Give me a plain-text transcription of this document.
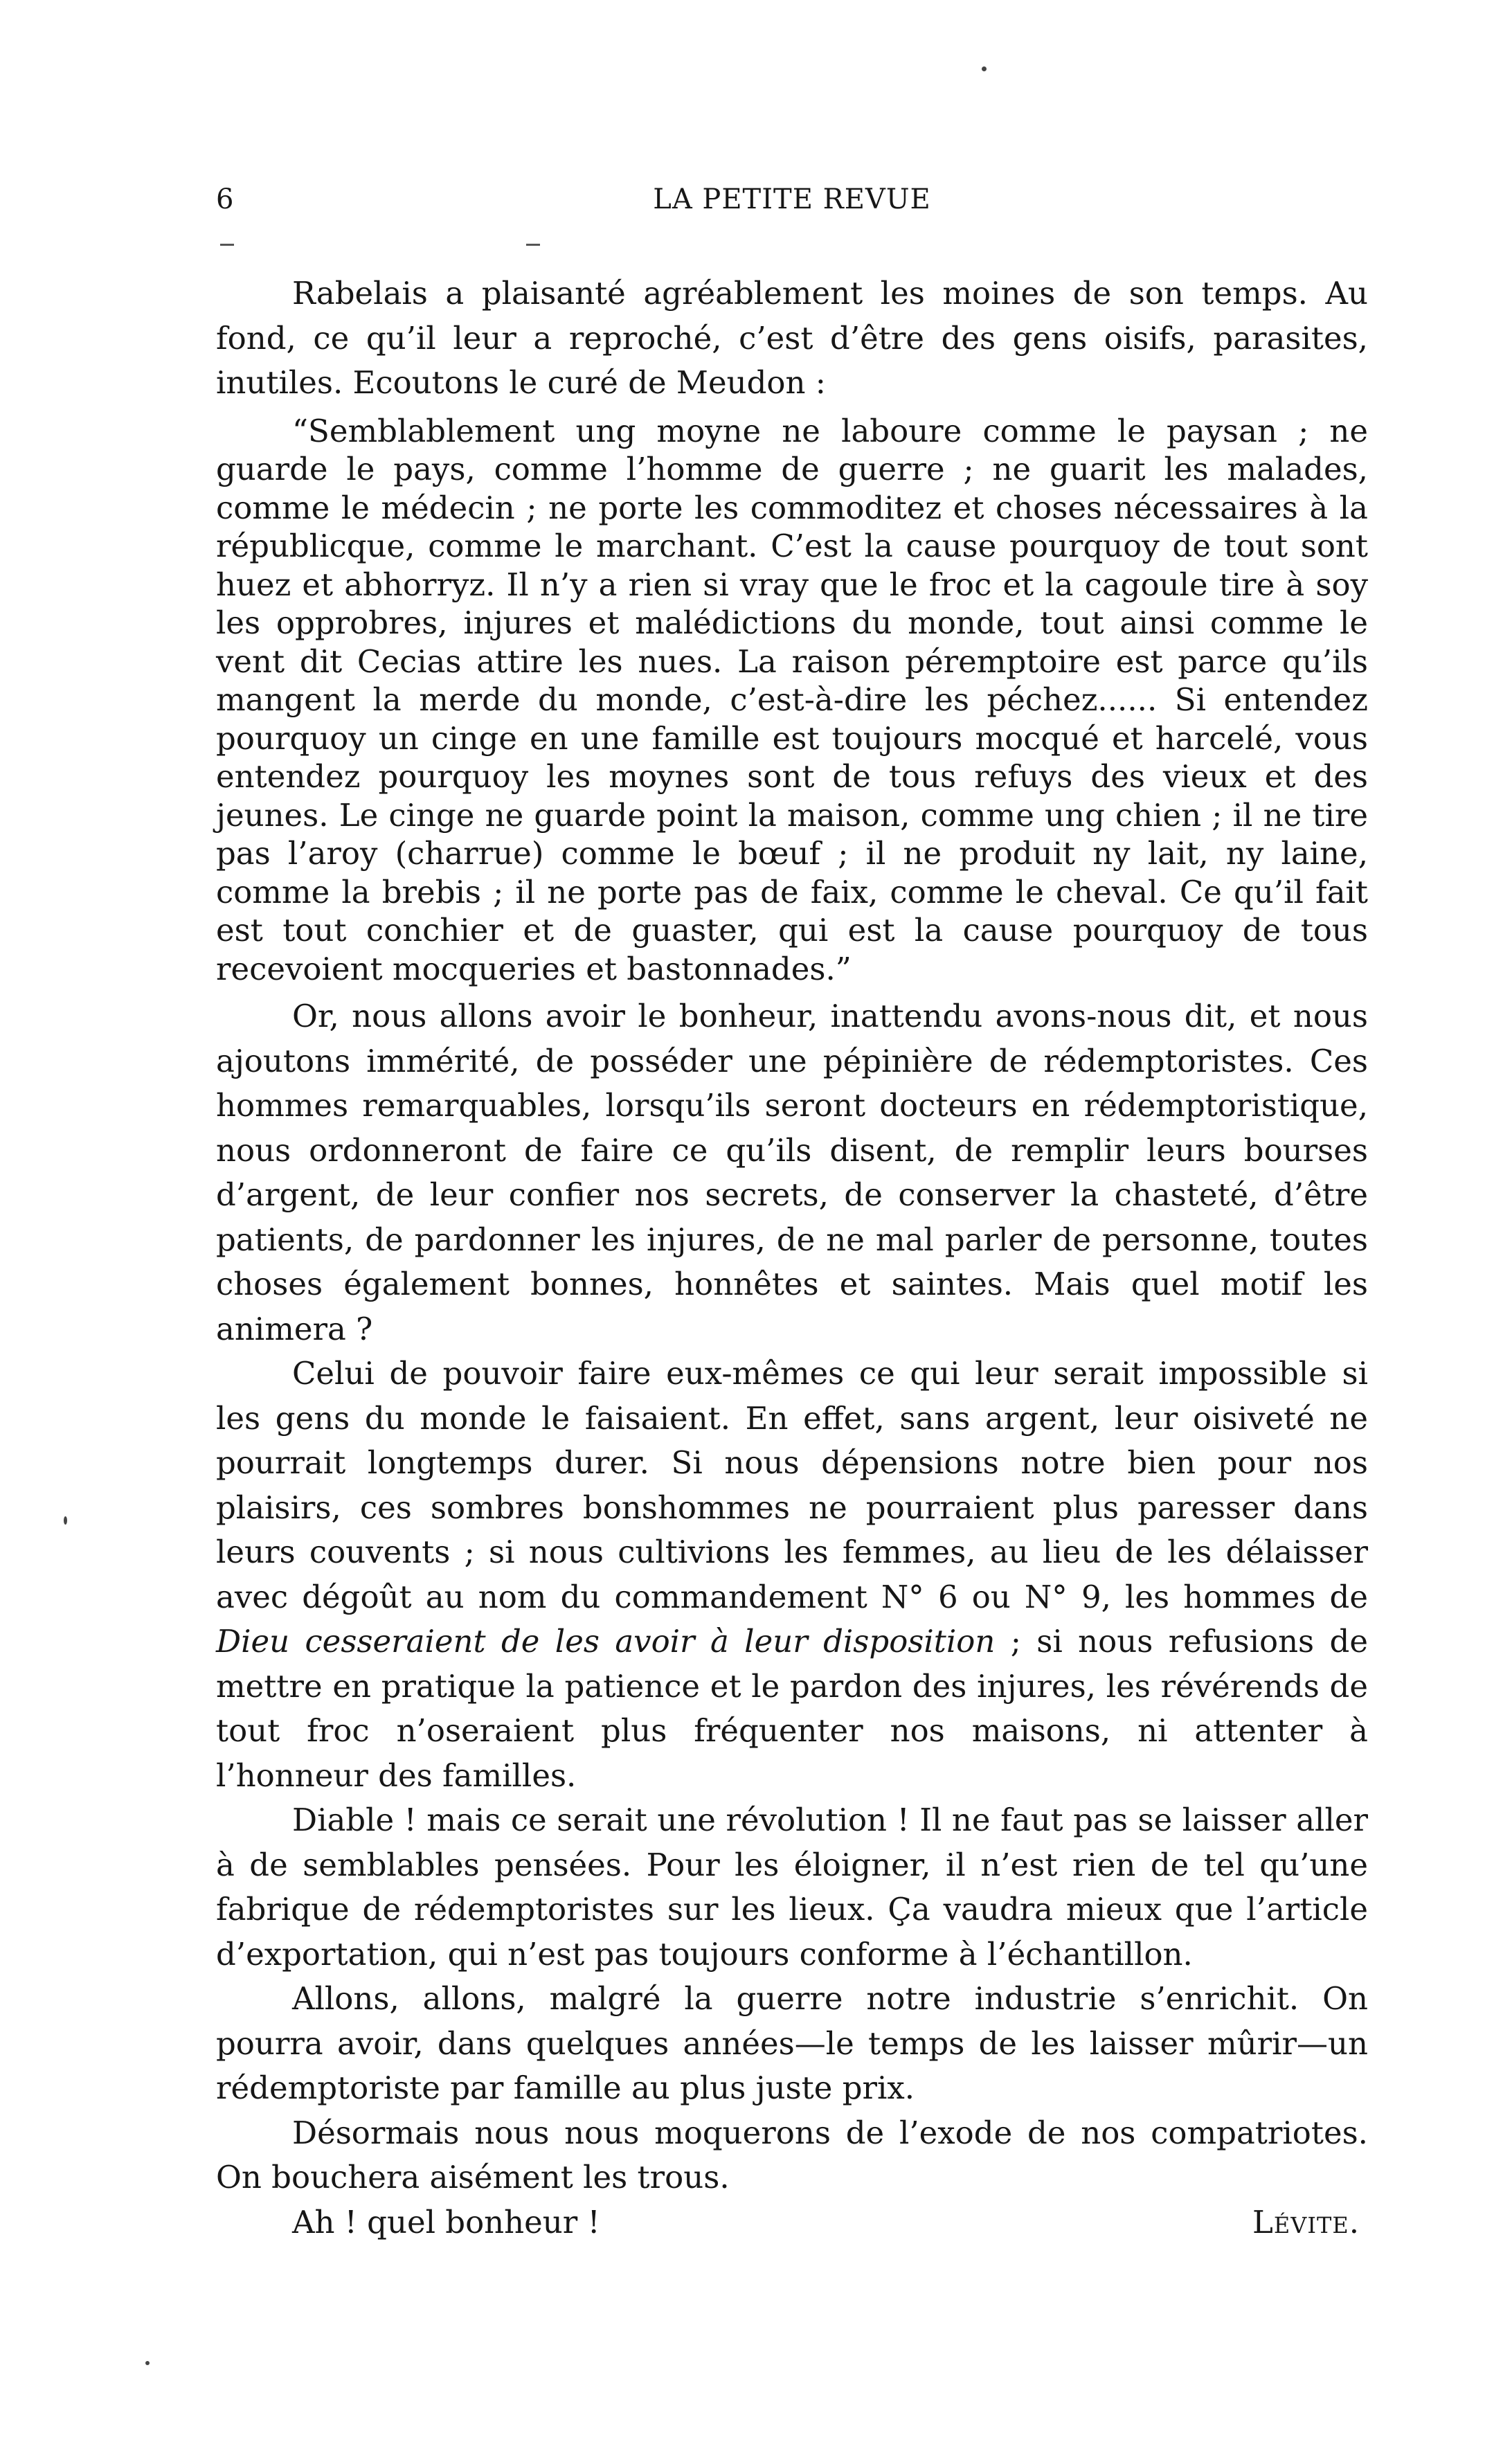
6	LA PETITE REVUE

Rabelais a plaisanté agréablement les moines de son temps. Au fond, ce qu’il leur a reproché, c’est d’être des gens oisifs, parasites, inutiles. Ecoutons le curé de Meudon :

“Semblablement ung moyne ne laboure comme le paysan ; ne guarde le pays, comme l’homme de guerre ; ne guarit les malades, comme le médecin ; ne porte les commoditez et choses nécessaires à la républicque, comme le marchant. C’est la cause pourquoy de tout sont huez et abhorryz. Il n’y a rien si vray que le froc et la cagoule tire à soy les opprobres, injures et malédictions du monde, tout ainsi comme le vent dit Cecias attire les nues. La raison péremptoire est parce qu’ils mangent la merde du monde, c’est-à-dire les péchez...... Si entendez pourquoy un cinge en une famille est toujours mocqué et harcelé, vous entendez pourquoy les moynes sont de tous refuys des vieux et des jeunes. Le cinge ne guarde point la maison, comme ung chien ; il ne tire pas l’aroy (charrue) comme le bœuf ; il ne produit ny lait, ny laine, comme la brebis ; il ne porte pas de faix, comme le cheval. Ce qu’il fait est tout conchier et de guaster, qui est la cause pourquoy de tous recevoient mocqueries et bastonnades.”

Or, nous allons avoir le bonheur, inattendu avons-nous dit, et nous ajoutons immérité, de posséder une pépinière de rédemptoristes. Ces hommes remarquables, lorsqu’ils seront docteurs en rédemptoristique, nous ordonneront de faire ce qu’ils disent, de remplir leurs bourses d’argent, de leur confier nos secrets, de conserver la chasteté, d’être patients, de pardonner les injures, de ne mal parler de personne, toutes choses également bonnes, honnêtes et saintes. Mais quel motif les animera ?

Celui de pouvoir faire eux-mêmes ce qui leur serait impossible si les gens du monde le faisaient. En effet, sans argent, leur oisiveté ne pourrait longtemps durer. Si nous dépensions notre bien pour nos plaisirs, ces sombres bonshommes ne pourraient plus paresser dans leurs couvents ; si nous cultivions les femmes, au lieu de les délaisser avec dégoût au nom du commandement N° 6 ou N° 9, les hommes de Dieu cesseraient de les avoir à leur disposition ; si nous refusions de mettre en pratique la patience et le pardon des injures, les révérends de tout froc n’oseraient plus fréquenter nos maisons, ni attenter à l’honneur des familles.

Diable ! mais ce serait une révolution ! Il ne faut pas se laisser aller à de semblables pensées. Pour les éloigner, il n’est rien de tel qu’une fabrique de rédemptoristes sur les lieux. Ça vaudra mieux que l’article d’exportation, qui n’est pas toujours conforme à l’échantillon.

Allons, allons, malgré la guerre notre industrie s’enrichit. On pourra avoir, dans quelques années—le temps de les laisser mûrir—un rédemptoriste par famille au plus juste prix.

Désormais nous nous moquerons de l’exode de nos compatriotes. On bouchera aisément les trous.

Ah ! quel bonheur !	Lévite.
